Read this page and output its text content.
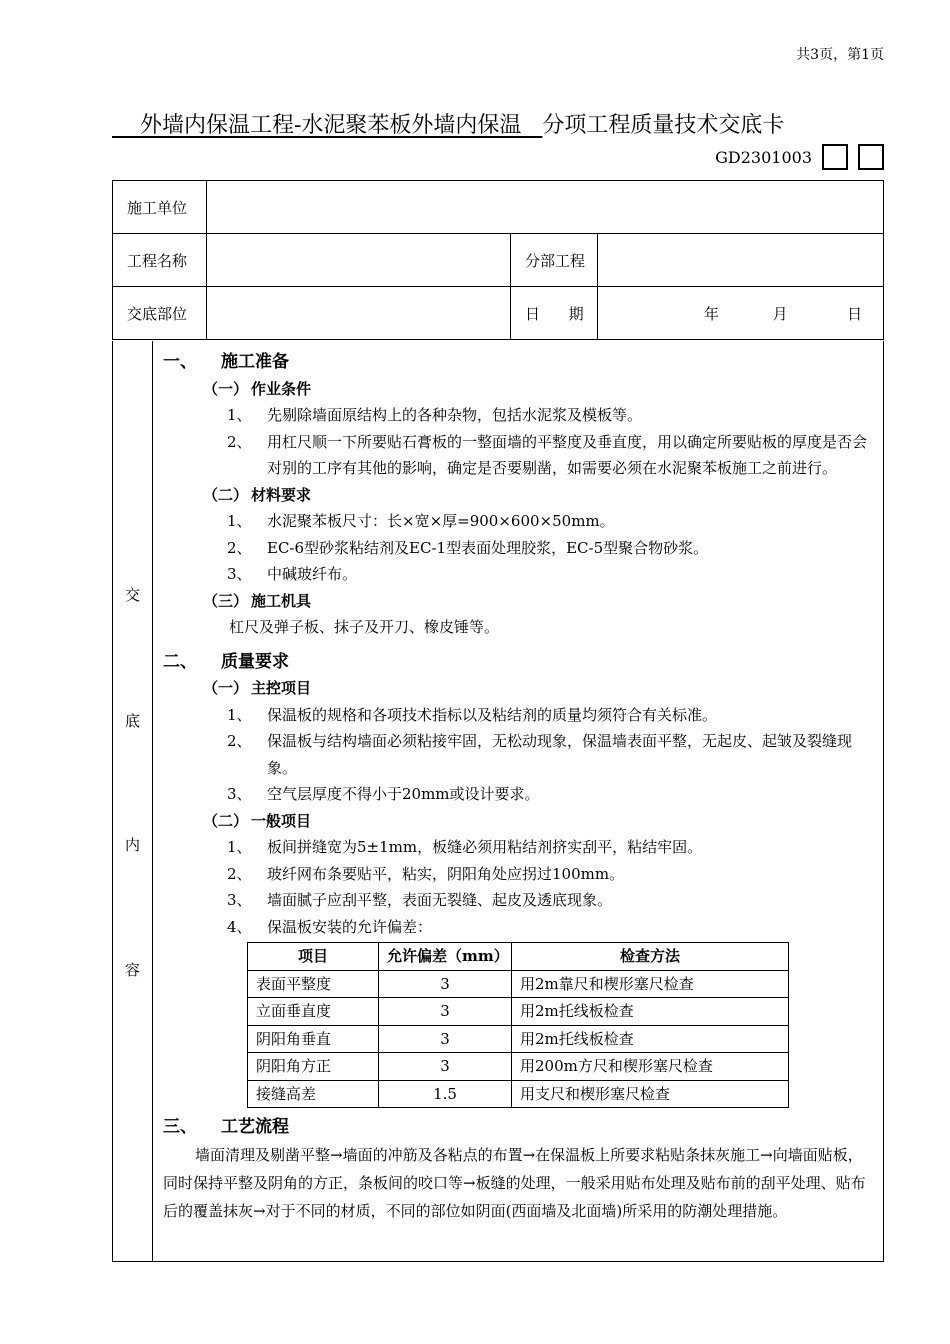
共3页，第1页
外墙内保温工程-水泥聚苯板外墙内保温 分项工程质量技术交底卡
GD2301003
施工单位			
工程名称		分部工程	
交底部位		日      期	年 月 日
交
底
内
容
一、 施工准备
（一） 作业条件
1、	先剔除墙面原结构上的各种杂物，包括水泥浆及模板等。
2、	用杠尺顺一下所要贴石膏板的一整面墙的平整度及垂直度，用以确定所要贴板的厚度是否会对别的工序有其他的影响，确定是否要剔凿，如需要必须在水泥聚苯板施工之前进行。
（二） 材料要求
1、	水泥聚苯板尺寸：长×宽×厚=900×600×50mm。
2、	EC-6型砂浆粘结剂及EC-1型表面处理胶浆，EC-5型聚合物砂浆。
3、	中碱玻纤布。
（三） 施工机具
杠尺及弹子板、抹子及开刀、橡皮锤等。
二、 质量要求
（一） 主控项目
1、	保温板的规格和各项技术指标以及粘结剂的质量均须符合有关标准。
2、	保温板与结构墙面必须粘接牢固，无松动现象，保温墙表面平整，无起皮、起皱及裂缝现象。
3、	空气层厚度不得小于20mm或设计要求。
（二） 一般项目
1、	板间拼缝宽为5±1mm，板缝必须用粘结剂挤实刮平，粘结牢固。
2、	玻纤网布条要贴平，粘实，阴阳角处应拐过100mm。
3、	墙面腻子应刮平整，表面无裂缝、起皮及透底现象。
4、	保温板安装的允许偏差：
项目	允许偏差（mm）	检查方法
表面平整度	3	用2m靠尺和楔形塞尺检查
立面垂直度	3	用2m托线板检查
阴阳角垂直	3	用2m托线板检查
阴阳角方正	3	用200m方尺和楔形塞尺检查
接缝高差	1.5	用支尺和楔形塞尺检查
三、 工艺流程
墙面清理及剔凿平整→墙面的冲筋及各粘点的布置→在保温板上所要求粘贴条抹灰施工→向墙面贴板，同时保持平整及阴角的方正，条板间的咬口等→板缝的处理，一般采用贴布处理及贴布前的刮平处理、贴布后的覆盖抹灰→对于不同的材质，不同的部位如阴面(西面墙及北面墙)所采用的防潮处理措施。
